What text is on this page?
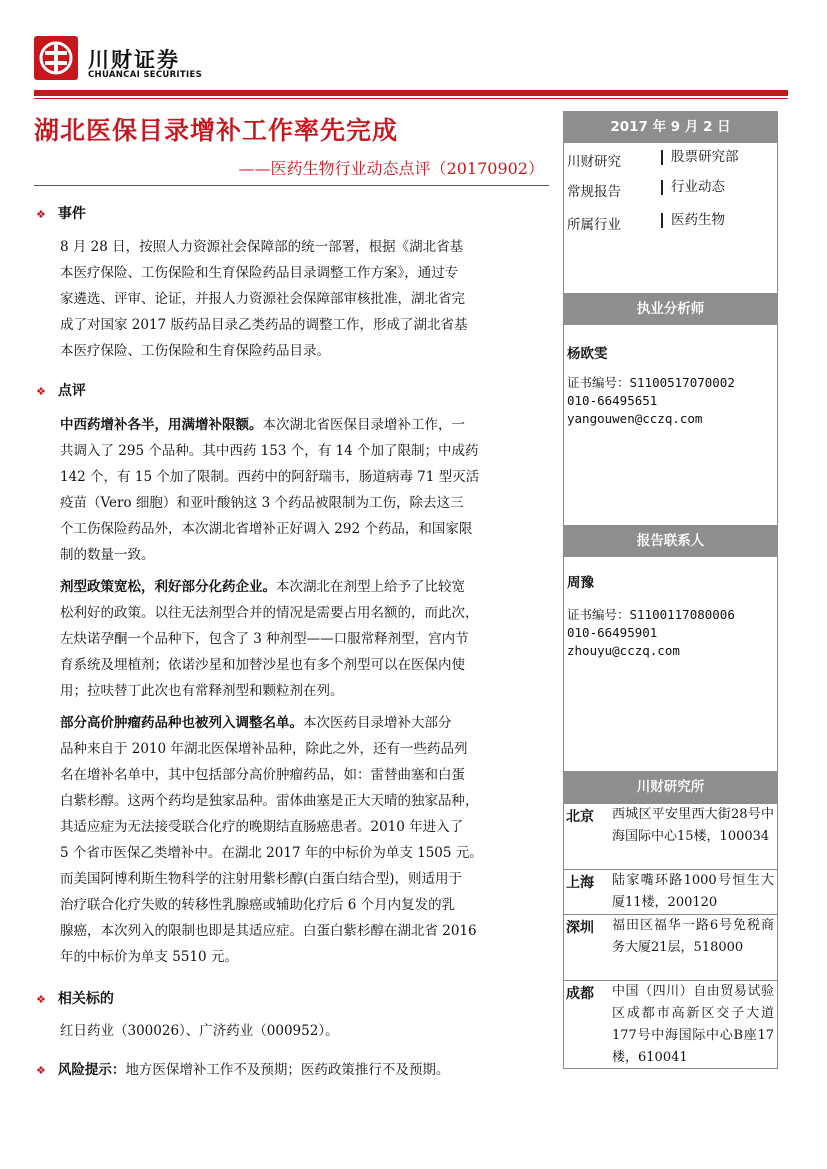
川财证券
CHUANCAI SECURITIES
湖北医保目录增补工作率先完成
——医药生物行业动态点评（20170902）
2017 年 9 月 2 日
川财研究	股票研究部
常规报告	行业动态
所属行业	医药生物
执业分析师
杨欧雯
证书编号：S1100517070002
010-66495651
yangouwen@cczq.com
报告联系人
周豫
证书编号：S1100117080006
010-66495901
zhouyu@cczq.com
川财研究所
北京 西城区平安里西大街28号中海国际中心15楼，100034
上海 陆家嘴环路1000号恒生大厦11楼，200120
深圳 福田区福华一路6号免税商务大厦21层，518000
成都 中国（四川）自由贸易试验区成都市高新区交子大道177号中海国际中心B座17楼，610041
❖ 事件
8 月 28 日，按照人力资源社会保障部的统一部署，根据《湖北省基
本医疗保险、工伤保险和生育保险药品目录调整工作方案》，通过专
家遴选、评审、论证，并报人力资源社会保障部审核批准，湖北省完
成了对国家 2017 版药品目录乙类药品的调整工作，形成了湖北省基
本医疗保险、工伤保险和生育保险药品目录。
❖ 点评
中西药增补各半，用满增补限额。本次湖北省医保目录增补工作，一
共调入了 295 个品种。其中西药 153 个，有 14 个加了限制；中成药
142 个，有 15 个加了限制。西药中的阿舒瑞韦，肠道病毒 71 型灭活
疫苗（Vero 细胞）和亚叶酸钠这 3 个药品被限制为工伤，除去这三
个工伤保险药品外，本次湖北省增补正好调入 292 个药品，和国家限
制的数量一致。
剂型政策宽松，利好部分化药企业。本次湖北在剂型上给予了比较宽
松利好的政策。以往无法剂型合并的情况是需要占用名额的，而此次，
左炔诺孕酮一个品种下，包含了 3 种剂型——口服常释剂型，宫内节
育系统及埋植剂；依诺沙星和加替沙星也有多个剂型可以在医保内使
用；拉呋替丁此次也有常释剂型和颗粒剂在列。
部分高价肿瘤药品种也被列入调整名单。本次医药目录增补大部分
品种来自于 2010 年湖北医保增补品种，除此之外，还有一些药品列
名在增补名单中，其中包括部分高价肿瘤药品，如：雷替曲塞和白蛋
白紫杉醇。这两个药均是独家品种。雷体曲塞是正大天晴的独家品种，
其适应症为无法接受联合化疗的晚期结直肠癌患者。2010 年进入了
5 个省市医保乙类增补中。在湖北 2017 年的中标价为单支 1505 元。
而美国阿博利斯生物科学的注射用紫杉醇(白蛋白结合型)，则适用于
治疗联合化疗失败的转移性乳腺癌或辅助化疗后 6 个月内复发的乳
腺癌，本次列入的限制也即是其适应症。白蛋白紫杉醇在湖北省 2016
年的中标价为单支 5510 元。
❖ 相关标的
红日药业（300026）、广济药业（000952）。
❖ 风险提示：地方医保增补工作不及预期；医药政策推行不及预期。
